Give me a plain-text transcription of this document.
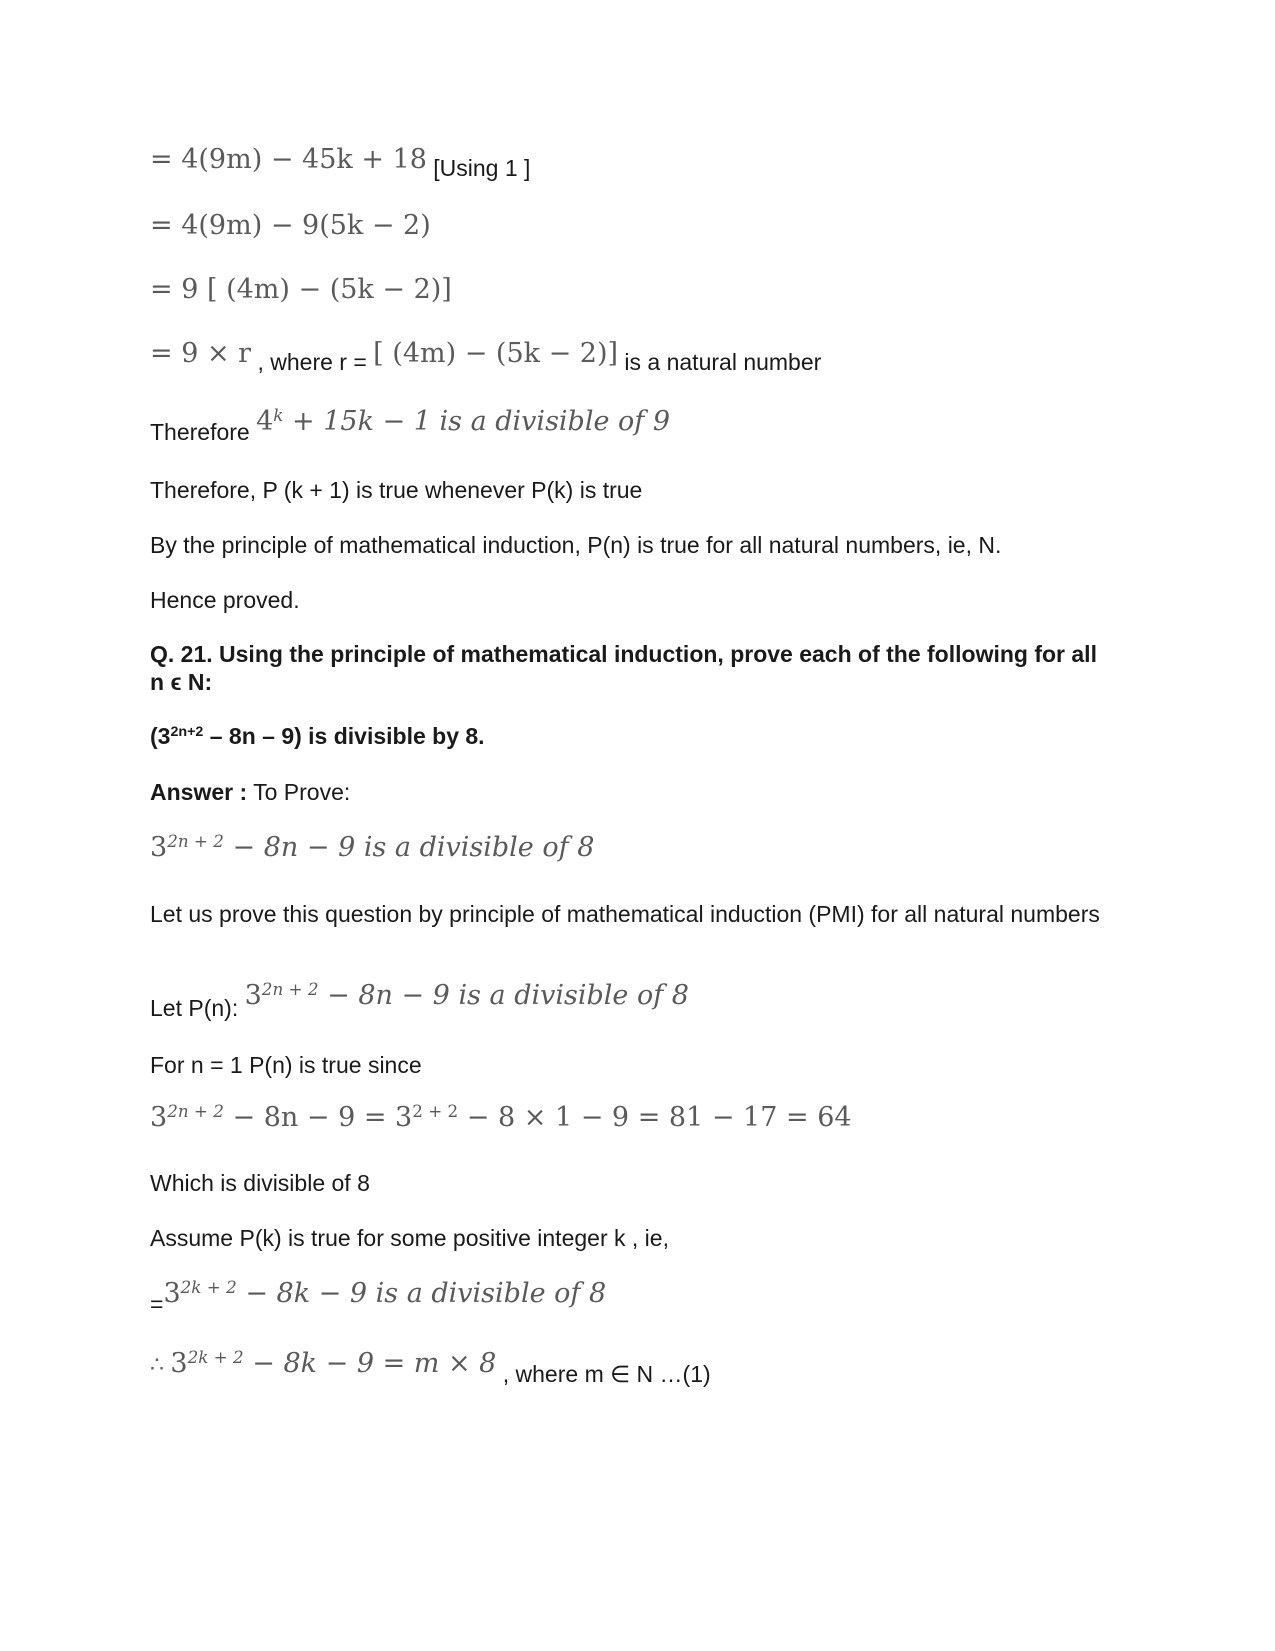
= 4(9m) − 45k + 18 [Using 1 ]
= 4(9m) − 9(5k − 2)
= 9 [ (4m) − (5k − 2)]
= 9 × r , where r = [ (4m) − (5k − 2)] is a natural number
Therefore $4^k + 15k - 1$ is a divisible of 9
Therefore, P (k + 1) is true whenever P(k) is true
By the principle of mathematical induction, P(n) is true for all natural numbers, ie, N.
Hence proved.
Q. 21. Using the principle of mathematical induction, prove each of the following for all n ϵ N:
$(3^{2n+2} - 8n - 9)$ is divisible by 8.
Answer : To Prove:
$3^{2n + 2} - 8n - 9$ is a divisible of 8
Let us prove this question by principle of mathematical induction (PMI) for all natural numbers
Let P(n): $3^{2n + 2} - 8n - 9$ is a divisible of 8
For n = 1 P(n) is true since
$3^{2n + 2} - 8n - 9 = 3^{2 + 2} - 8 \times 1 - 9 = 81 - 17 = 64$
Which is divisible of 8
Assume P(k) is true for some positive integer k , ie,
$=3^{2k + 2} - 8k - 9$ is a divisible of 8
∴ $3^{2k + 2} - 8k - 9 = m \times 8$ , where m ∈ N …(1)
